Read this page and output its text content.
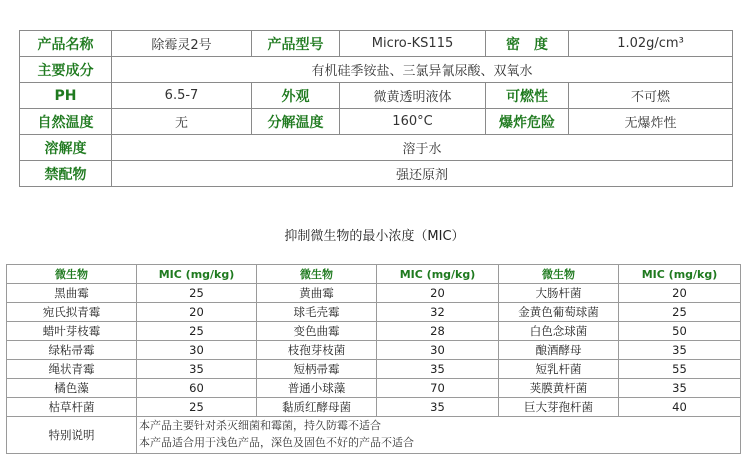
产品名称	除霉灵2号	产品型号	Micro-KS115	密　度	1.02g/cm³
主要成分	有机硅季铵盐、三氯异氰尿酸、双氧水				
PH	6.5-7	外观	微黄透明液体	可燃性	不可燃
自然温度	无	分解温度	160°C	爆炸危险	无爆炸性
溶解度	溶于水				
禁配物	强还原剂				
抑制微生物的最小浓度（MIC）
微生物	MIC (mg/kg)	微生物	MIC (mg/kg)	微生物	MIC (mg/kg)
黑曲霉	25	黄曲霉	20	大肠杆菌	20
宛氏拟青霉	20	球毛壳霉	32	金黄色葡萄球菌	25
蜡叶芽枝霉	25	变色曲霉	28	白色念球菌	50
绿粘帚霉	30	枝孢芽枝菌	30	酿酒酵母	35
绳状青霉	35	短柄帚霉	35	短乳杆菌	55
橘色藻	60	普通小球藻	70	荚膜黄杆菌	35
枯草杆菌	25	黏质红酵母菌	35	巨大芽孢杆菌	40
特别说明	本产品主要针对杀灭细菌和霉菌，持久防霉不适合
本产品适合用于浅色产品，深色及固色不好的产品不适合				
